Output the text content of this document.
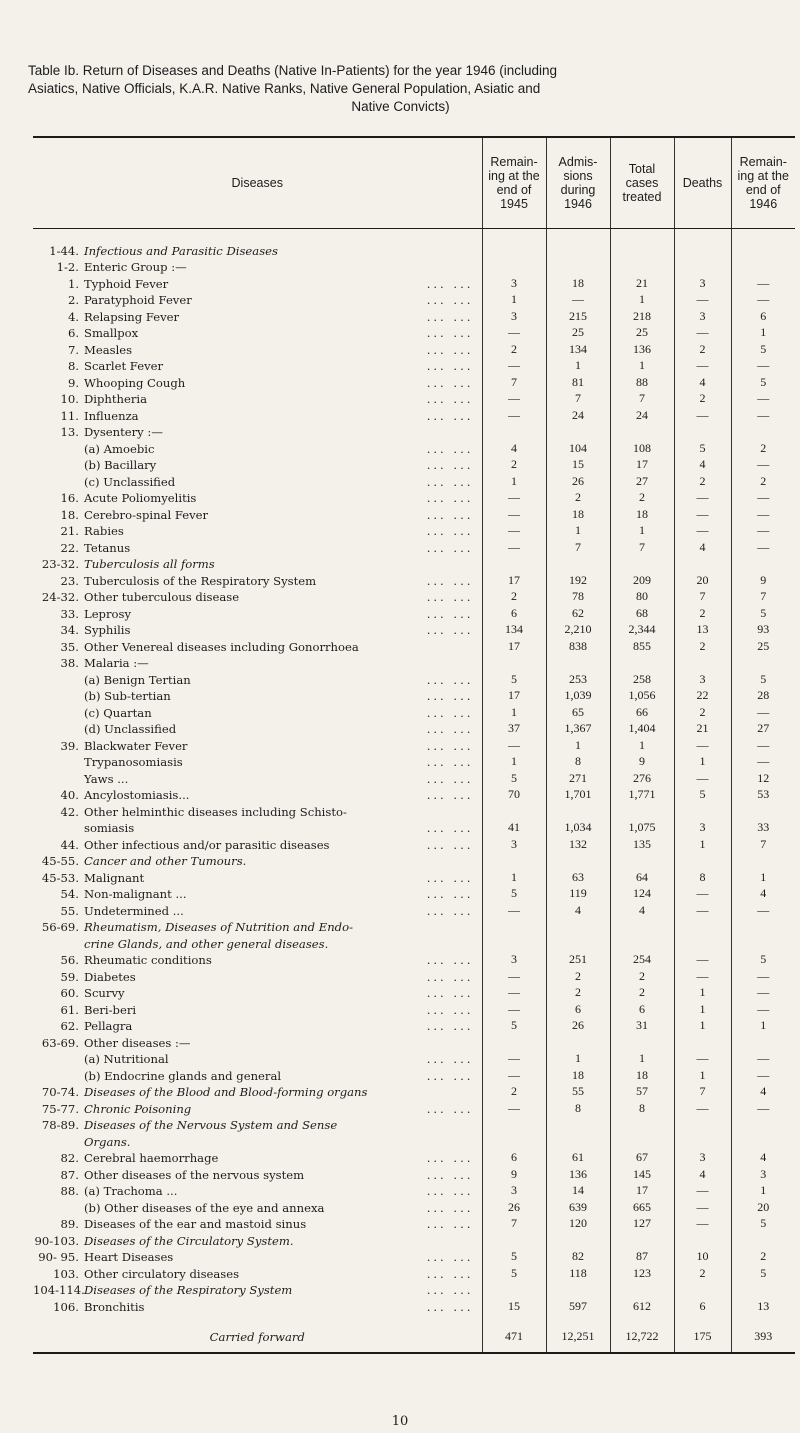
Table Ib. Return of Diseases and Deaths (Native In-Patients) for the year 1946 (including
Asiatics, Native Officials, K.A.R. Native Ranks, Native General Population, Asiatic and
Native Convicts)
Diseases	Remain-ing at the end of 1945	Admis-sions during 1946	Total cases treated	Deaths	Remain-ing at the end of 1946
1-44. Infectious and Parasitic Diseases					
1-2. Enteric Group :—					
1. Typhoid Fever ... ...	3	18	21	3	—
2. Paratyphoid Fever ... ...	1	—	1	—	—
4. Relapsing Fever ... ...	3	215	218	3	6
6. Smallpox ... ...	—	25	25	—	1
7. Measles ... ...	2	134	136	2	5
8. Scarlet Fever ... ...	—	1	1	—	—
9. Whooping Cough ... ...	7	81	88	4	5
10. Diphtheria ... ...	—	7	7	2	—
11. Influenza ... ...	—	24	24	—	—
13. Dysentery :—					
(a) Amoebic ... ...	4	104	108	5	2
(b) Bacillary ... ...	2	15	17	4	—
(c) Unclassified ... ...	1	26	27	2	2
16. Acute Poliomyelitis ... ...	—	2	2	—	—
18. Cerebro-spinal Fever ... ...	—	18	18	—	—
21. Rabies ... ...	—	1	1	—	—
22. Tetanus ... ...	—	7	7	4	—
23-32. Tuberculosis all forms					
23. Tuberculosis of the Respiratory System ... ...	17	192	209	20	9
24-32. Other tuberculous disease ... ...	2	78	80	7	7
33. Leprosy ... ...	6	62	68	2	5
34. Syphilis ... ...	134	2,210	2,344	13	93
35. Other Venereal diseases including Gonorrhoea	17	838	855	2	25
38. Malaria :—					
(a) Benign Tertian ... ...	5	253	258	3	5
(b) Sub-tertian ... ...	17	1,039	1,056	22	28
(c) Quartan ... ...	1	65	66	2	—
(d) Unclassified ... ...	37	1,367	1,404	21	27
39. Blackwater Fever ... ...	—	1	1	—	—
Trypanosomiasis ... ...	1	8	9	1	—
Yaws ... ... ...	5	271	276	—	12
40. Ancylostomiasis... ... ...	70	1,701	1,771	5	53
42. Other helminthic diseases including Schisto-					
somiasis ... ...	41	1,034	1,075	3	33
44. Other infectious and/or parasitic diseases ... ...	3	132	135	1	7
45-55. Cancer and other Tumours.					
45-53. Malignant ... ...	1	63	64	8	1
54. Non-malignant ... ... ...	5	119	124	—	4
55. Undetermined ... ... ...	—	4	4	—	—
56-69. Rheumatism, Diseases of Nutrition and Endo-					
crine Glands, and other general diseases.					
56. Rheumatic conditions ... ...	3	251	254	—	5
59. Diabetes ... ...	—	2	2	—	—
60. Scurvy ... ...	—	2	2	1	—
61. Beri-beri ... ...	—	6	6	1	—
62. Pellagra ... ...	5	26	31	1	1
63-69. Other diseases :—					
(a) Nutritional ... ...	—	1	1	—	—
(b) Endocrine glands and general ... ...	—	18	18	1	—
70-74. Diseases of the Blood and Blood-forming organs	2	55	57	7	4
75-77. Chronic Poisoning ... ...	—	8	8	—	—
78-89. Diseases of the Nervous System and Sense					
Organs.					
82. Cerebral haemorrhage ... ...	6	61	67	3	4
87. Other diseases of the nervous system ... ...	9	136	145	4	3
88. (a) Trachoma ... ... ...	3	14	17	—	1
(b) Other diseases of the eye and annexa ... ...	26	639	665	—	20
89. Diseases of the ear and mastoid sinus ... ...	7	120	127	—	5
90-103. Diseases of the Circulatory System.					
90- 95. Heart Diseases ... ...	5	82	87	10	2
103. Other circulatory diseases ... ...	5	118	123	2	5
104-114.Diseases of the Respiratory System ... ...					

106. Bronchitis ... ...	15	597	612	6	13
Carried forward	471	12,251	12,722	175	393

10
